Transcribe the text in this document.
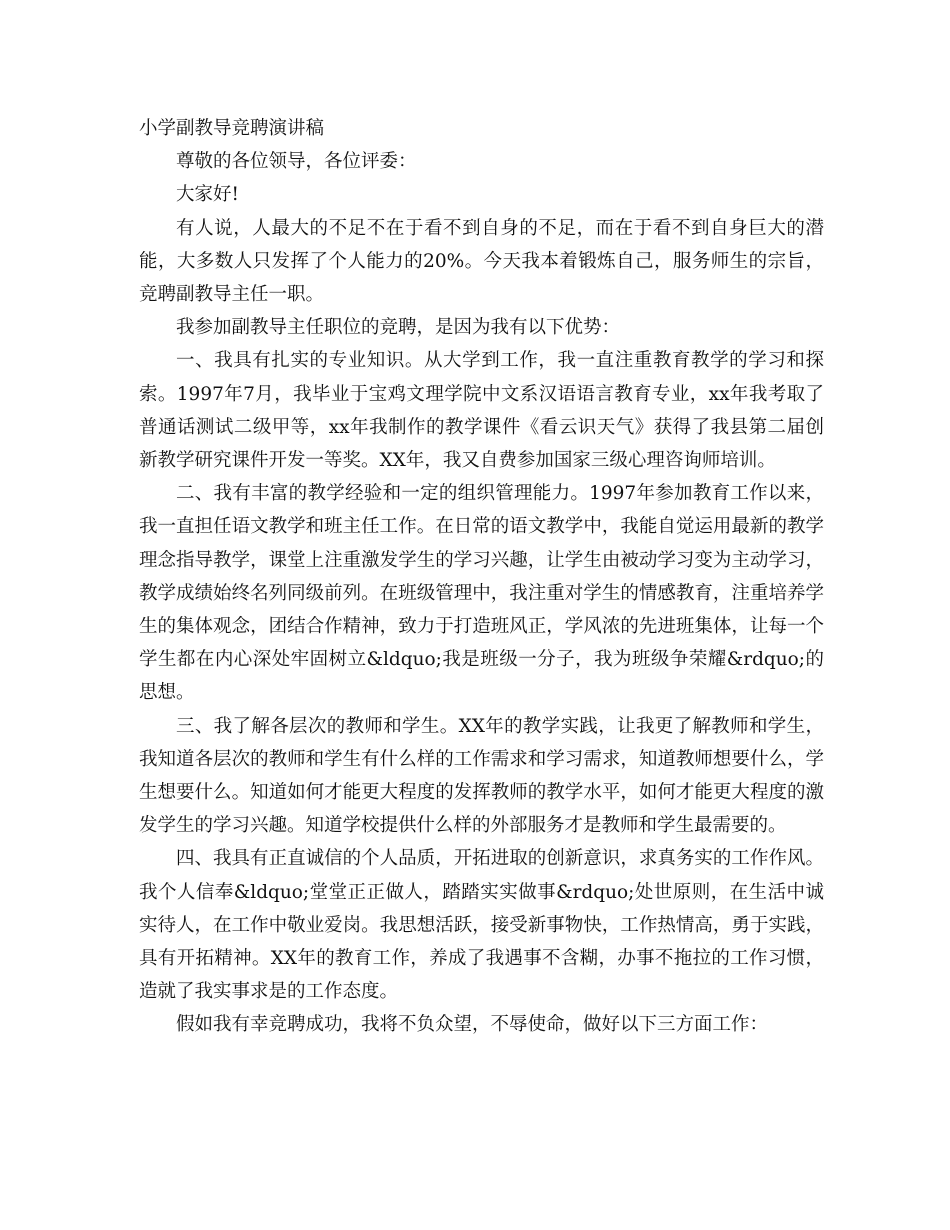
小学副教导竞聘演讲稿

尊敬的各位领导，各位评委：

大家好!

有人说，人最大的不足不在于看不到自身的不足，而在于看不到自身巨大的潜能，大多数人只发挥了个人能力的20%。今天我本着锻炼自己，服务师生的宗旨，竞聘副教导主任一职。

我参加副教导主任职位的竞聘，是因为我有以下优势：

一、我具有扎实的专业知识。从大学到工作，我一直注重教育教学的学习和探索。1997年7月，我毕业于宝鸡文理学院中文系汉语语言教育专业，xx年我考取了普通话测试二级甲等，xx年我制作的教学课件《看云识天气》获得了我县第二届创新教学研究课件开发一等奖。XX年，我又自费参加国家三级心理咨询师培训。

二、我有丰富的教学经验和一定的组织管理能力。1997年参加教育工作以来，我一直担任语文教学和班主任工作。在日常的语文教学中，我能自觉运用最新的教学理念指导教学，课堂上注重激发学生的学习兴趣，让学生由被动学习变为主动学习，教学成绩始终名列同级前列。在班级管理中，我注重对学生的情感教育，注重培养学生的集体观念，团结合作精神，致力于打造班风正，学风浓的先进班集体，让每一个学生都在内心深处牢固树立&ldquo;我是班级一分子，我为班级争荣耀&rdquo;的思想。

三、我了解各层次的教师和学生。XX年的教学实践，让我更了解教师和学生，我知道各层次的教师和学生有什么样的工作需求和学习需求，知道教师想要什么，学生想要什么。知道如何才能更大程度的发挥教师的教学水平，如何才能更大程度的激发学生的学习兴趣。知道学校提供什么样的外部服务才是教师和学生最需要的。

四、我具有正直诚信的个人品质，开拓进取的创新意识，求真务实的工作作风。我个人信奉&ldquo;堂堂正正做人，踏踏实实做事&rdquo;处世原则，在生活中诚实待人，在工作中敬业爱岗。我思想活跃，接受新事物快，工作热情高，勇于实践，具有开拓精神。XX年的教育工作，养成了我遇事不含糊，办事不拖拉的工作习惯，造就了我实事求是的工作态度。

假如我有幸竞聘成功，我将不负众望，不辱使命，做好以下三方面工作：
